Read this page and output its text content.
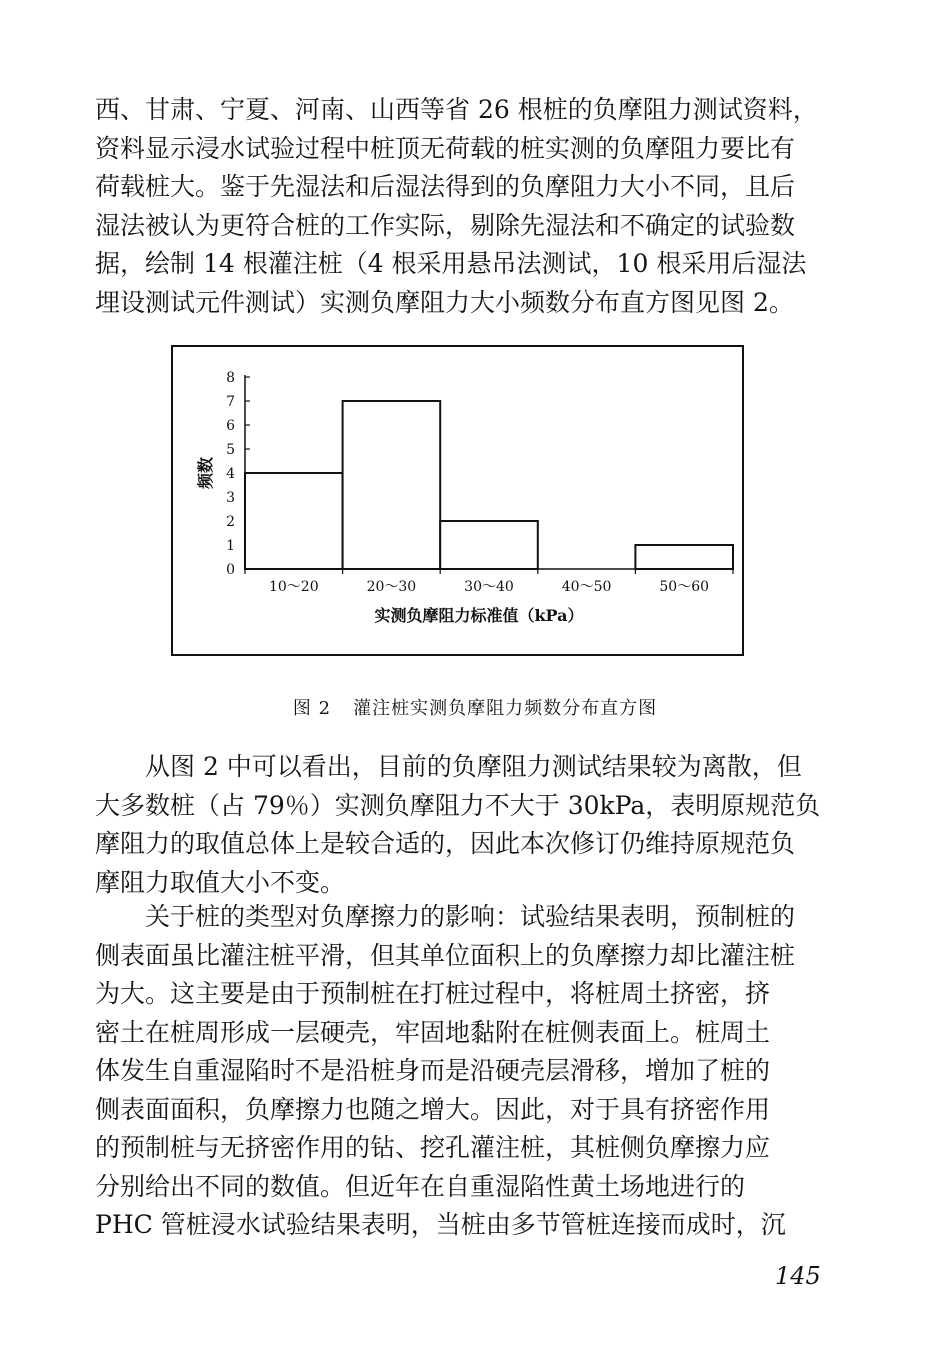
西、甘肃、宁夏、河南、山西等省 26 根桩的负摩阻力测试资料，
资料显示浸水试验过程中桩顶无荷载的桩实测的负摩阻力要比有
荷载桩大。鉴于先湿法和后湿法得到的负摩阻力大小不同，且后
湿法被认为更符合桩的工作实际，剔除先湿法和不确定的试验数
据，绘制 14 根灌注桩（4 根采用悬吊法测试，10 根采用后湿法
埋设测试元件测试）实测负摩阻力大小频数分布直方图见图 2。
0
1
2
3
4
5
6
7
8
10～20	20～30	30～40	40～50	50～60
实测负摩阻力标准值（kPa）
频数
图 2 灌注桩实测负摩阻力频数分布直方图
从图 2 中可以看出，目前的负摩阻力测试结果较为离散，但
大多数桩（占 79％）实测负摩阻力不大于 30kPa，表明原规范负
摩阻力的取值总体上是较合适的，因此本次修订仍维持原规范负
摩阻力取值大小不变。
关于桩的类型对负摩擦力的影响：试验结果表明，预制桩的
侧表面虽比灌注桩平滑，但其单位面积上的负摩擦力却比灌注桩
为大。这主要是由于预制桩在打桩过程中，将桩周土挤密，挤
密土在桩周形成一层硬壳，牢固地黏附在桩侧表面上。桩周土
体发生自重湿陷时不是沿桩身而是沿硬壳层滑移，增加了桩的
侧表面面积，负摩擦力也随之增大。因此，对于具有挤密作用
的预制桩与无挤密作用的钻、挖孔灌注桩，其桩侧负摩擦力应
分别给出不同的数值。但近年在自重湿陷性黄土场地进行的
PHC 管桩浸水试验结果表明，当桩由多节管桩连接而成时，沉
145
